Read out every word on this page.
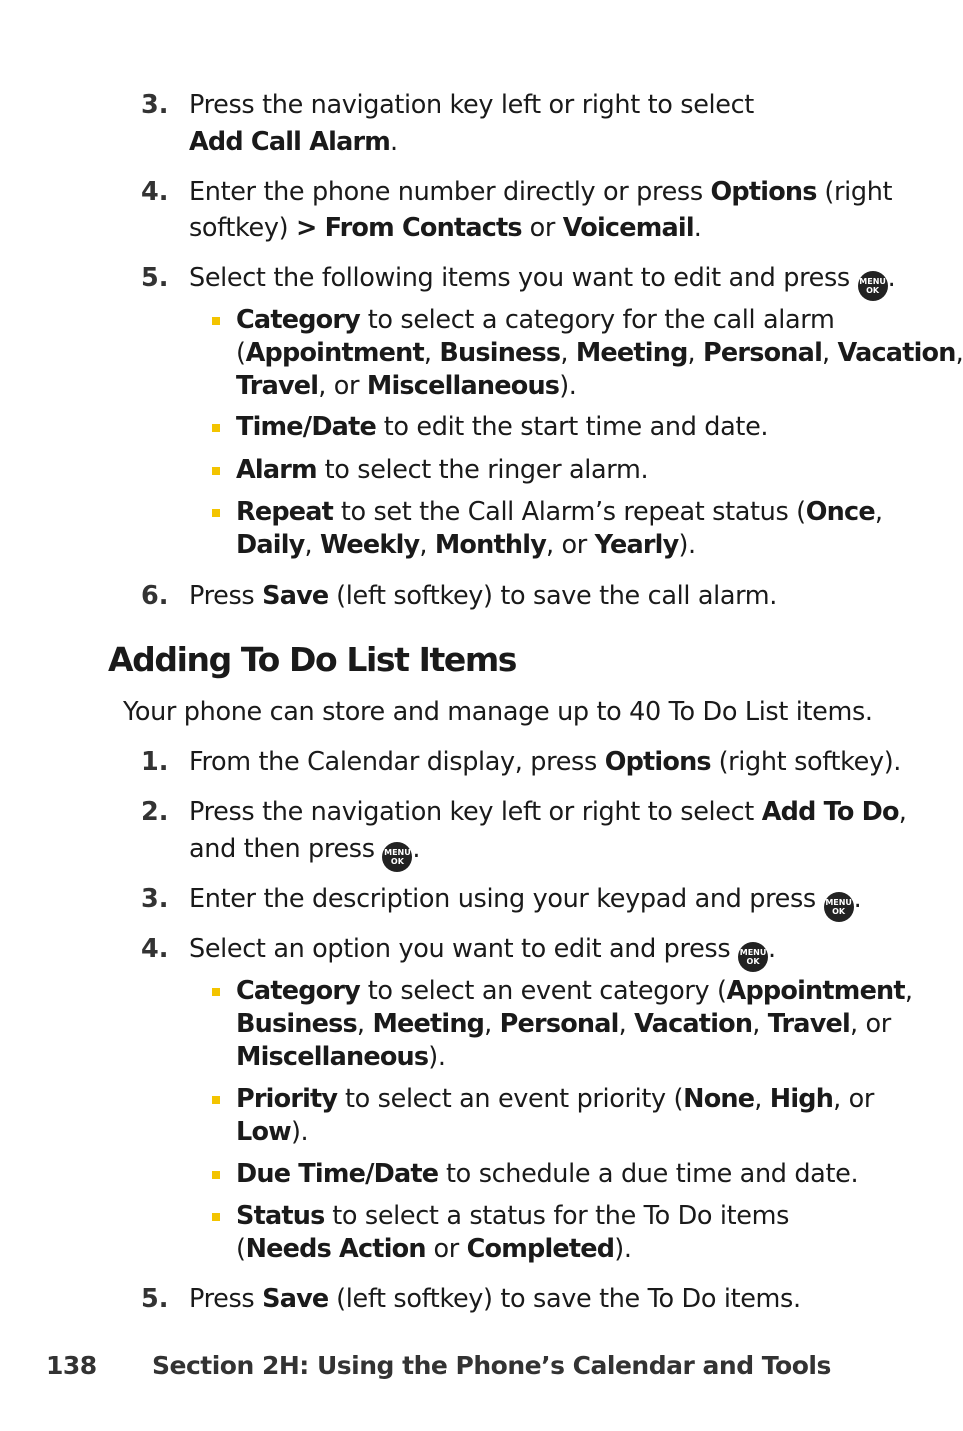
3. Press the navigation key left or right to select
Add Call Alarm.
4. Enter the phone number directly or press Options (right
softkey) > From Contacts or Voicemail.
5. Select the following items you want to edit and press MENU
OK .
Category to select a category for the call alarm
(Appointment, Business, Meeting, Personal, Vacation,
Travel, or Miscellaneous).
Time/Date to edit the start time and date.
Alarm to select the ringer alarm.
Repeat to set the Call Alarm’s repeat status (Once,
Daily, Weekly, Monthly, or Yearly).
6. Press Save (left softkey) to save the call alarm.
1. From the Calendar display, press Options (right softkey).
2. Press the navigation key left or right to select Add To Do,
and then press MENU
OK .
3. Enter the description using your keypad and press MENU
OK .
4. Select an option you want to edit and press MENU
OK .
Category to select an event category (Appointment,
Business, Meeting, Personal, Vacation, Travel, or
Miscellaneous).
Priority to select an event priority (None, High, or
Low).
Due Time/Date to schedule a due time and date.
Status to select a status for the To Do items
(Needs Action or Completed).
5. Press Save (left softkey) to save the To Do items.
Adding To Do List Items
Your phone can store and manage up to 40 To Do List items.
138 Section 2H: Using the Phone’s Calendar and Tools
